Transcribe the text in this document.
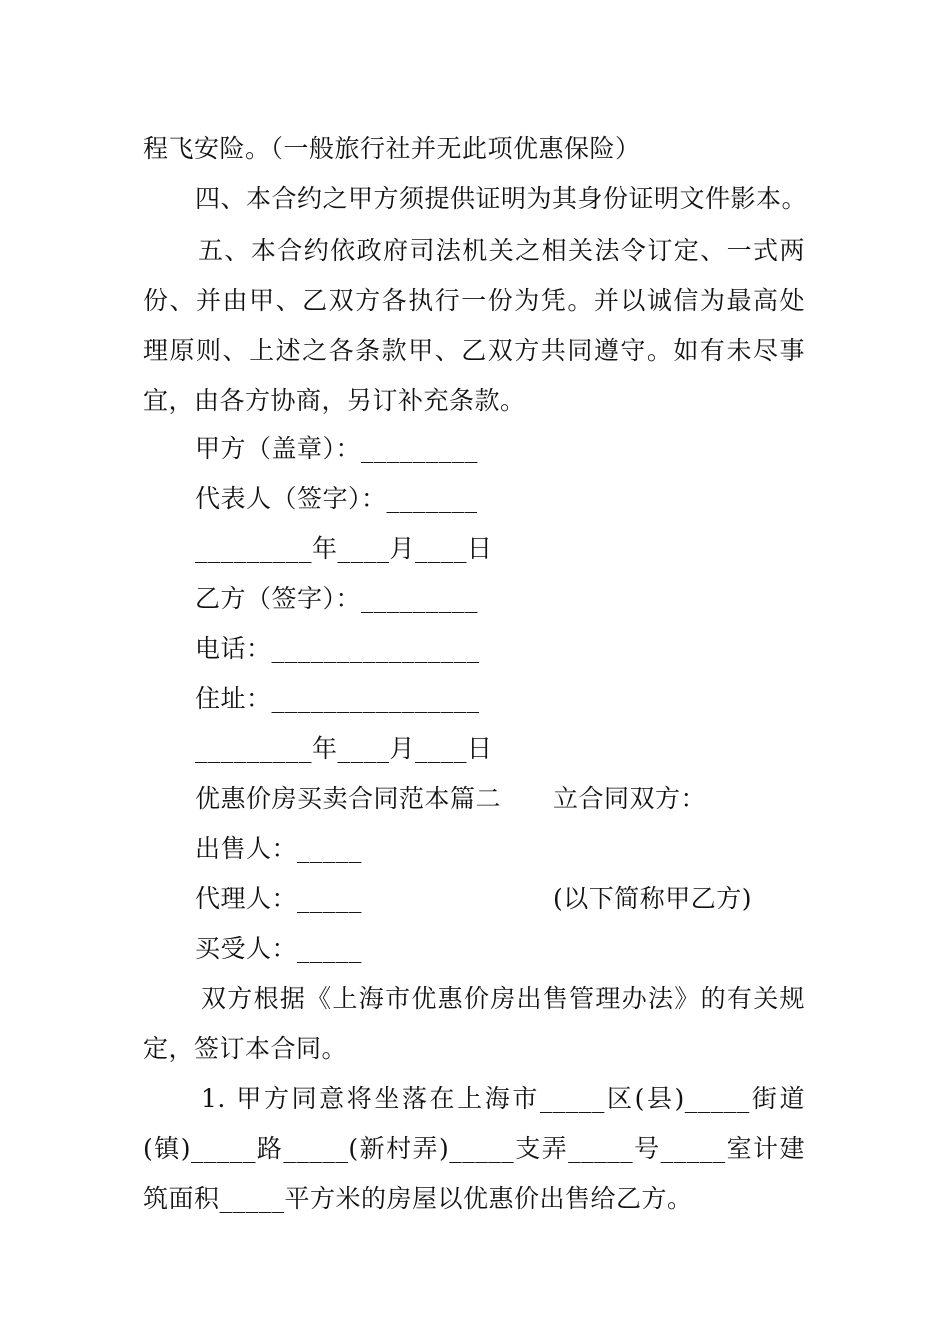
程飞安险。（一般旅行社并无此项优惠保险）
四、本合约之甲方须提供证明为其身份证明文件影本。
五、本合约依政府司法机关之相关法令订定、一式两份、并由甲、乙双方各执行一份为凭。并以诚信为最高处理原则、上述之各条款甲、乙双方共同遵守。如有未尽事宜，由各方协商，另订补充条款。
甲方（盖章）：_________
代表人（签字）：_______
_________年____月____日
乙方（签字）：_________
电话：________________
住址：________________
_________年____月____日
优惠价房买卖合同范本篇二 立合同双方：
出售人：_____
代理人：_____	(以下简称甲乙方)
买受人：_____
双方根据《上海市优惠价房出售管理办法》的有关规定，签订本合同。
1. 甲方同意将坐落在上海市_____区(县)_____街道(镇)_____路_____(新村弄)_____支弄_____号_____室计建筑面积_____平方米的房屋以优惠价出售给乙方。
